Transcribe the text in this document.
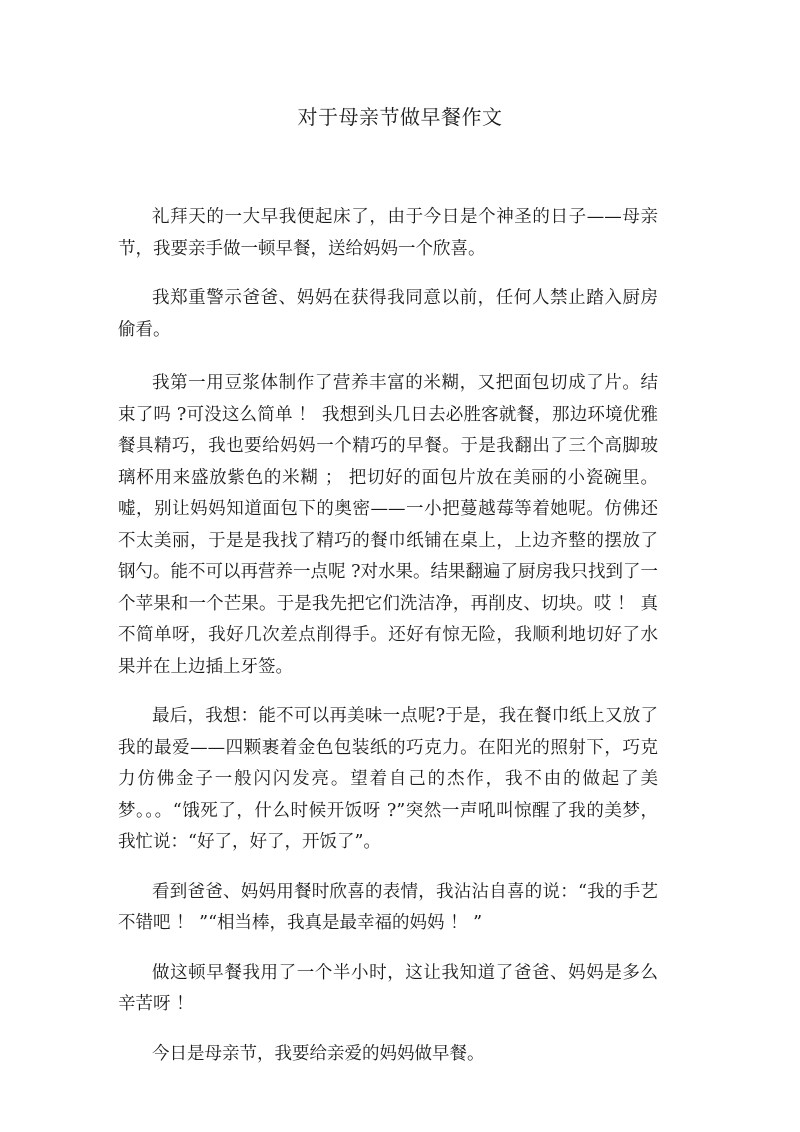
对于母亲节做早餐作文

礼拜天的一大早我便起床了，由于今日是个神圣的日子——母亲节，我要亲手做一顿早餐，送给妈妈一个欣喜。

我郑重警示爸爸、妈妈在获得我同意以前，任何人禁止踏入厨房偷看。

我第一用豆浆体制作了营养丰富的米糊，又把面包切成了片。结束了吗 ?可没这么简单 ！ 我想到头几日去必胜客就餐，那边环境优雅餐具精巧，我也要给妈妈一个精巧的早餐。于是我翻出了三个高脚玻璃杯用来盛放紫色的米糊 ； 把切好的面包片放在美丽的小瓷碗里。嘘，别让妈妈知道面包下的奥密——一小把蔓越莓等着她呢。仿佛还不太美丽，于是是我找了精巧的餐巾纸铺在桌上，上边齐整的摆放了钢勺。能不可以再营养一点呢 ?对水果。结果翻遍了厨房我只找到了一个苹果和一个芒果。于是我先把它们洗洁净，再削皮、切块。哎 ！ 真不简单呀，我好几次差点削得手。还好有惊无险，我顺利地切好了水果并在上边插上牙签。

最后，我想：能不可以再美味一点呢?于是，我在餐巾纸上又放了我的最爱——四颗裹着金色包装纸的巧克力。在阳光的照射下，巧克力仿佛金子一般闪闪发亮。望着自己的杰作，我不由的做起了美梦。。。“饿死了，什么时候开饭呀 ?”突然一声吼叫惊醒了我的美梦，我忙说：“好了，好了，开饭了”。

看到爸爸、妈妈用餐时欣喜的表情，我沾沾自喜的说：“我的手艺不错吧 ！ ”“相当棒，我真是最幸福的妈妈 ！ ”

做这顿早餐我用了一个半小时，这让我知道了爸爸、妈妈是多么辛苦呀 ！

今日是母亲节，我要给亲爱的妈妈做早餐。
